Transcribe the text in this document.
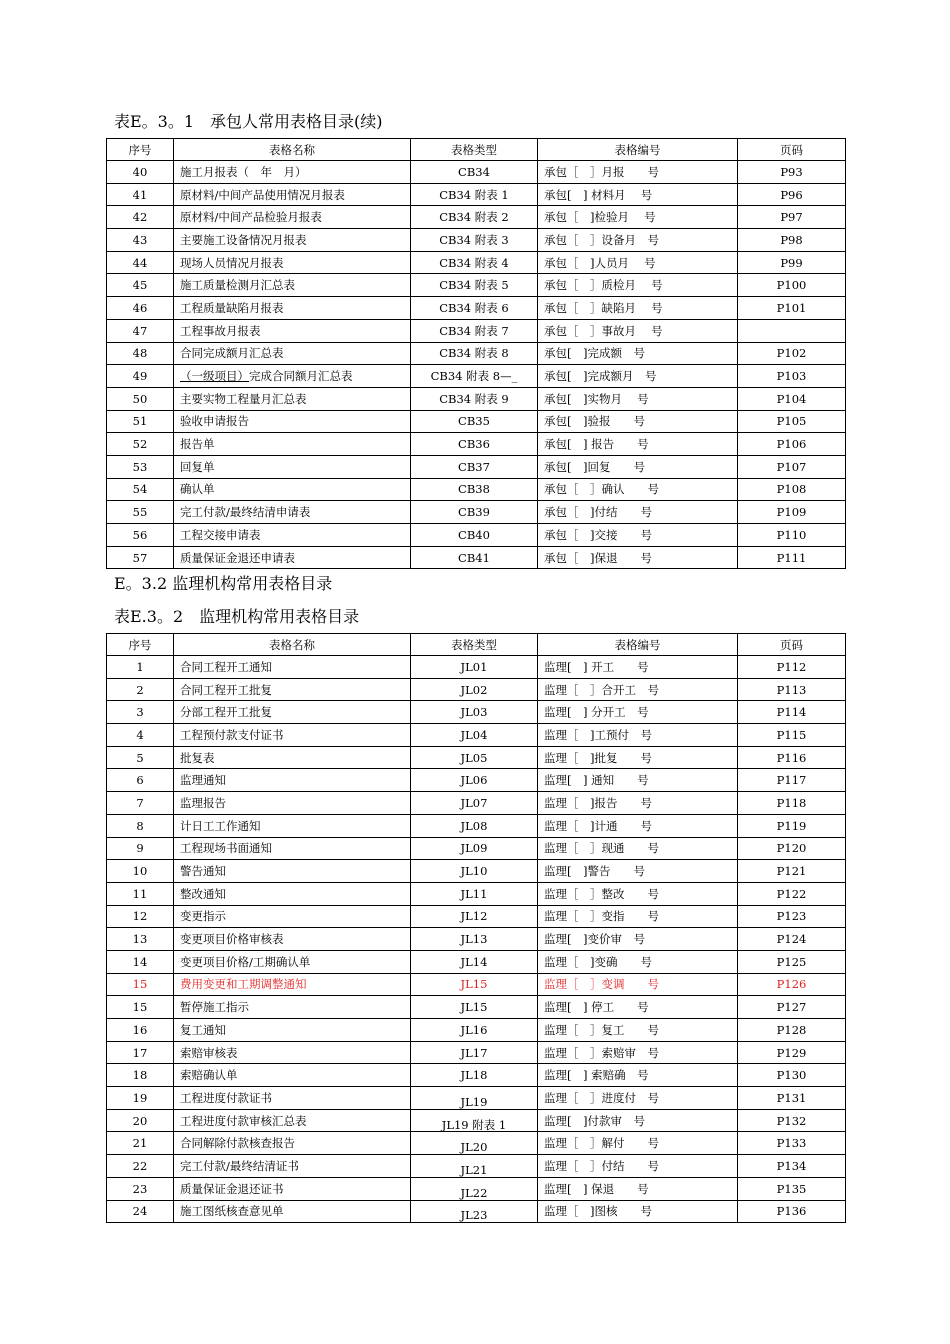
表E。3。1　承包人常用表格目录(续)
序号	表格名称	表格类型	表格编号	页码
40	施工月报表（　年　月）	CB34	承包［　］月报　　号	P93
41	原材料/中间产品使用情况月报表	CB34 附表 1	承包[　] 材料月　 号	P96
42	原材料/中间产品检验月报表	CB34 附表 2	承包［　]检验月　 号	P97
43	主要施工设备情况月报表	CB34 附表 3	承包［　］设备月　号	P98
44	现场人员情况月报表	CB34 附表 4	承包［　]人员月　 号	P99
45	施工质量检测月汇总表	CB34 附表 5	承包［　］质检月　 号	P100
46	工程质量缺陷月报表	CB34 附表 6	承包［　］缺陷月　 号	P101
47	工程事故月报表	CB34 附表 7	承包［　］事故月　 号	
48	合同完成额月汇总表	CB34 附表 8	承包[　]完成额　号	P102
49	（一级项目）完成合同额月汇总表	CB34 附表 8—_	承包[　]完成额月　号	P103
50	主要实物工程量月汇总表	CB34 附表 9	承包[　]实物月　 号	P104
51	验收申请报告	CB35	承包[　]验报　　号	P105
52	报告单	CB36	承包[　] 报告　　号	P106
53	回复单	CB37	承包[　]回复　　号	P107
54	确认单	CB38	承包［　］确认　　号	P108
55	完工付款/最终结清申请表	CB39	承包［　]付结　　号	P109
56	工程交接申请表	CB40	承包［　]交接　　号	P110
57	质量保证金退还申请表	CB41	承包［　]保退　　号	P111
E。3.2 监理机构常用表格目录
表E.3。2　监理机构常用表格目录
序号	表格名称	表格类型	表格编号	页码
1	合同工程开工通知	JL01	监理[　] 开工　　号	P112
2	合同工程开工批复	JL02	监理［　］合开工　号	P113
3	分部工程开工批复	JL03	监理[　] 分开工　号	P114
4	工程预付款支付证书	JL04	监理［　]工预付　号	P115
5	批复表	JL05	监理［　]批复　　号	P116
6	监理通知	JL06	监理[　] 通知　　号	P117
7	监理报告	JL07	监理［　]报告　　号	P118
8	计日工工作通知	JL08	监理［　]计通　　号	P119
9	工程现场书面通知	JL09	监理［　］现通　　号	P120
10	警告通知	JL10	监理[　]警告　　号	P121
11	整改通知	JL11	监理［　］整改　　号	P122
12	变更指示	JL12	监理［　］变指　　号	P123
13	变更项目价格审核表	JL13	监理[　]变价审　号	P124
14	变更项目价格/工期确认单	JL14	监理［　]变确　　号	P125
15	费用变更和工期调整通知	JL15	监理［　］变调　　号	P126
15	暂停施工指示	JL15	监理[　] 停工　　号	P127
16	复工通知	JL16	监理［　］复工　　号	P128
17	索赔审核表	JL17	监理［　］索赔审　号	P129
18	索赔确认单	JL18	监理[　] 索赔确　号	P130
19	工程进度付款证书	JL19	监理［　］进度付　号	P131
20	工程进度付款审核汇总表	JL19 附表 1	监理[　]付款审　号	P132
21	合同解除付款核查报告	JL20	监理［　］解付　　号	P133
22	完工付款/最终结清证书	JL21	监理［　］付结　　号	P134
23	质量保证金退还证书	JL22	监理[　] 保退　　号	P135
24	施工图纸核查意见单	JL23	监理［　]图核　　号	P136
